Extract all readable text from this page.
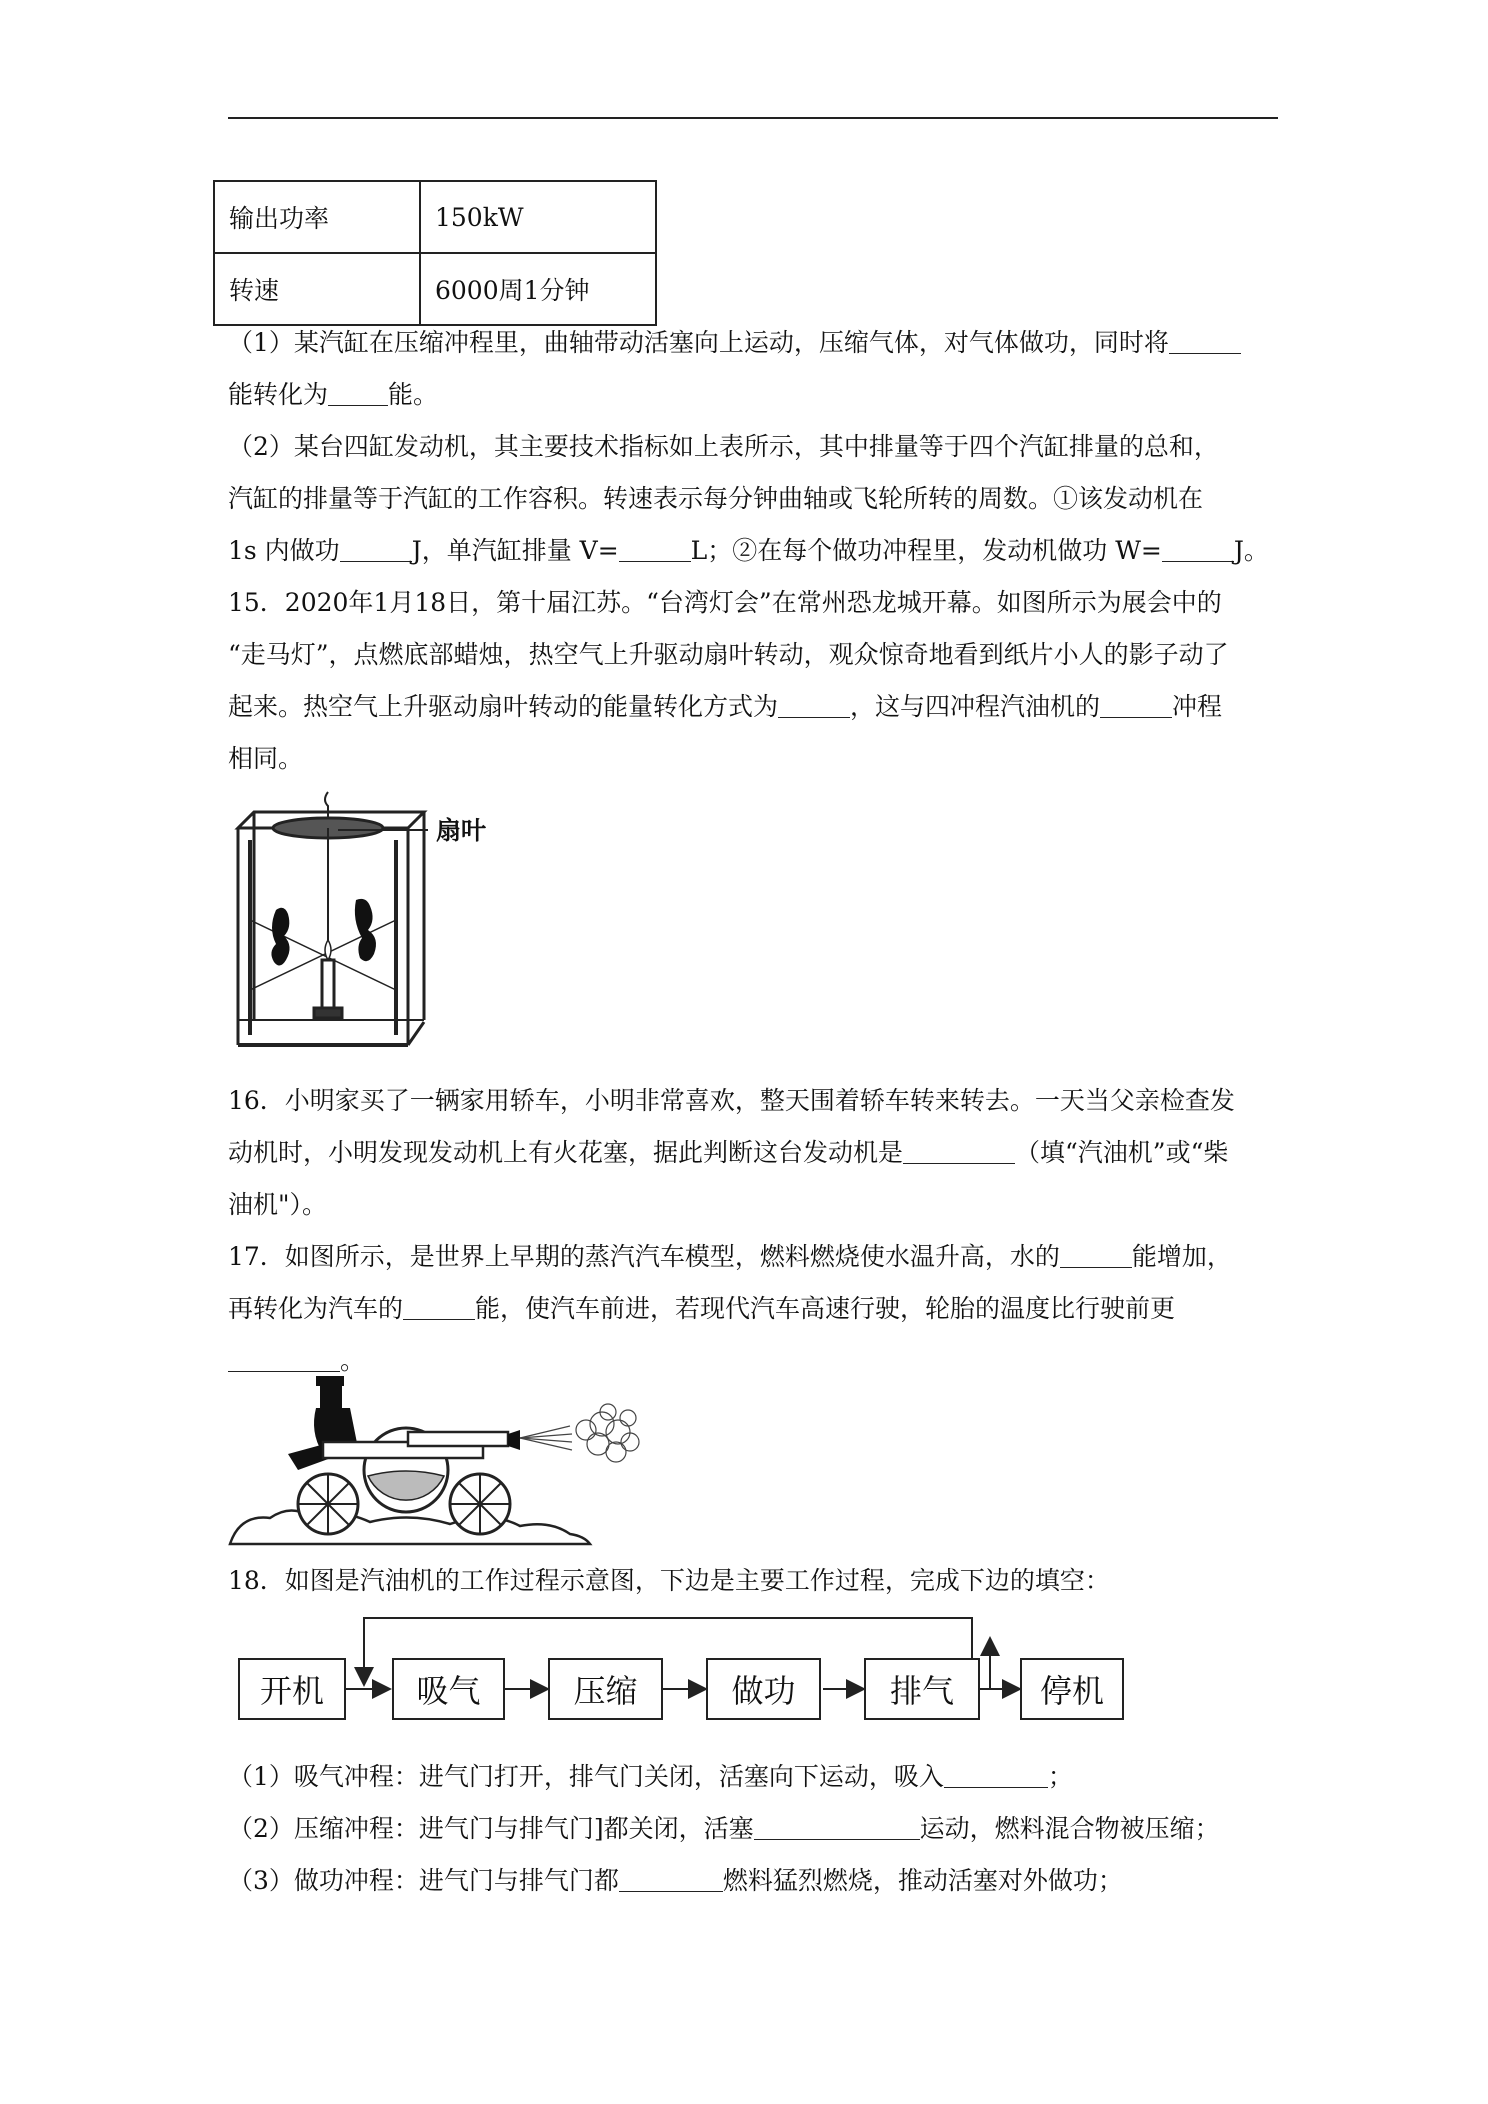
输出功率	150kW
转速	6000周1分钟
（1）某汽缸在压缩冲程里，曲轴带动活塞向上运动，压缩气体，对气体做功，同时将
能转化为 能。
（2）某台四缸发动机，其主要技术指标如上表所示，其中排量等于四个汽缸排量的总和，
汽缸的排量等于汽缸的工作容积。转速表示每分钟曲轴或飞轮所转的周数。①该发动机在
1s 内做功	J，单汽缸排量 V=	L；②在每个做功冲程里，发动机做功 W=	J。
15．2020年1月18日，第十届江苏。“台湾灯会”在常州恐龙城开幕。如图所示为展会中的
“走马灯”，点燃底部蜡烛，热空气上升驱动扇叶转动，观众惊奇地看到纸片小人的影子动了
起来。热空气上升驱动扇叶转动的能量转化方式为	，这与四冲程汽油机的	冲程
相同。
扇叶
16．小明家买了一辆家用轿车，小明非常喜欢，整天围着轿车转来转去。一天当父亲检查发
动机时，小明发现发动机上有火花塞，据此判断这台发动机是	（填“汽油机”或“柴
油机"）。
17．如图所示，是世界上早期的蒸汽汽车模型，燃料燃烧使水温升高，水的	能增加，
再转化为汽车的	能，使汽车前进，若现代汽车高速行驶，轮胎的温度比行驶前更
。
18．如图是汽油机的工作过程示意图，下边是主要工作过程，完成下边的填空：
开机	吸气	压缩	做功	排气	停机
（1）吸气冲程：进气门打开，排气门关闭，活塞向下运动，吸入	；
（2）压缩冲程：进气门与排气门]都关闭，活塞	运动，燃料混合物被压缩；
（3）做功冲程：进气门与排气门都	燃料猛烈燃烧，推动活塞对外做功；
